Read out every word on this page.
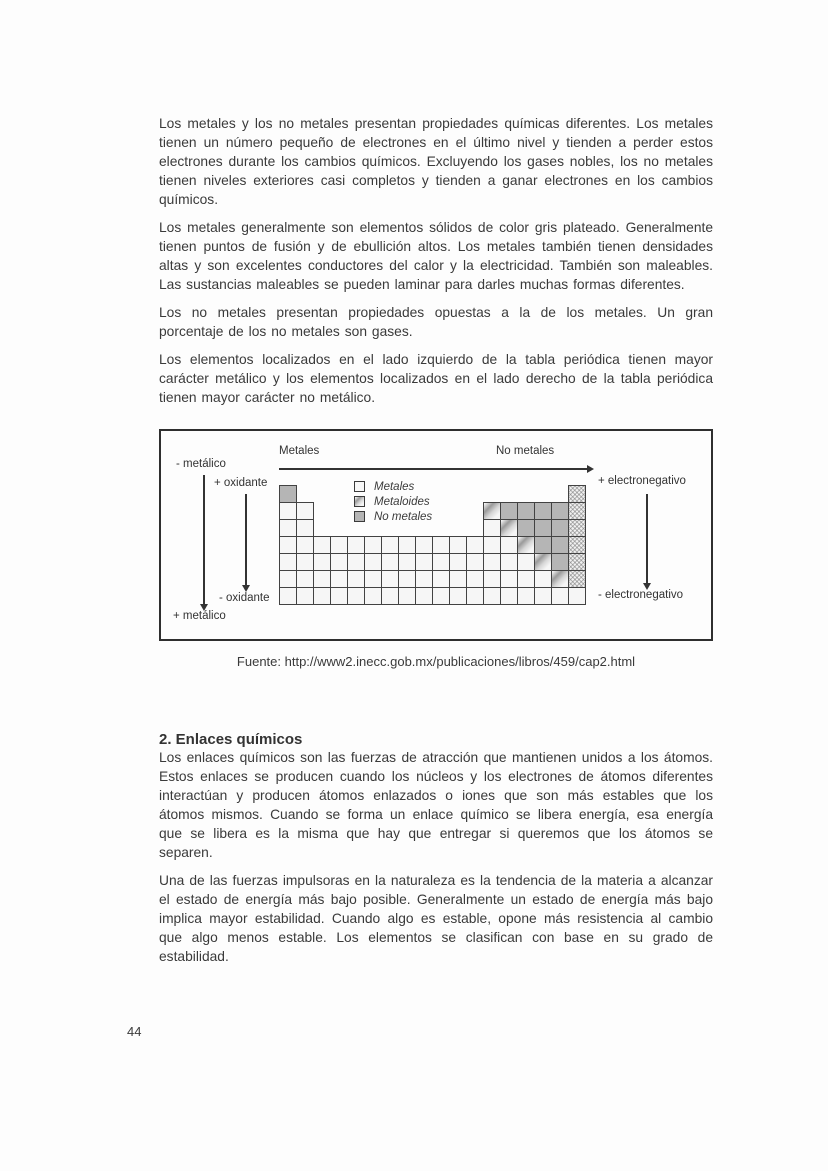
Los metales y los no metales presentan propiedades químicas diferentes. Los metales tienen un número pequeño de electrones en el último nivel y tienden a perder estos electrones durante los cambios químicos. Excluyendo los gases nobles, los no metales tienen niveles exteriores casi completos y tienden a ganar electrones en los cambios químicos.

Los metales generalmente son elementos sólidos de color gris plateado. Generalmente tienen puntos de fusión y de ebullición altos. Los metales también tienen densidades altas y son excelentes conductores del calor y la electricidad. También son maleables. Las sustancias maleables se pueden laminar para darles muchas formas diferentes.

Los no metales presentan propiedades opuestas a la de los metales. Un gran porcentaje de los no metales son gases.

Los elementos localizados en el lado izquierdo de la tabla periódica tienen mayor carácter metálico y los elementos localizados en el lado derecho de la tabla periódica tienen mayor carácter no metálico.

Metales	No metales
- metálico
+ metálico
+ oxidante
- oxidante
+ electronegativo
- electronegativo
Metales
Metaloides
No metales

Fuente: http://www2.inecc.gob.mx/publicaciones/libros/459/cap2.html

2. Enlaces químicos

Los enlaces químicos son las fuerzas de atracción que mantienen unidos a los átomos. Estos enlaces se producen cuando los núcleos y los electrones de átomos diferentes interactúan y producen átomos enlazados o iones que son más estables que los átomos mismos. Cuando se forma un enlace químico se libera energía, esa energía que se libera es la misma que hay que entregar si queremos que los átomos se separen.

Una de las fuerzas impulsoras en la naturaleza es la tendencia de la materia a alcanzar el estado de energía más bajo posible. Generalmente un estado de energía más bajo implica mayor estabilidad. Cuando algo es estable, opone más resistencia al cambio que algo menos estable. Los elementos se clasifican con base en su grado de estabilidad.

44
